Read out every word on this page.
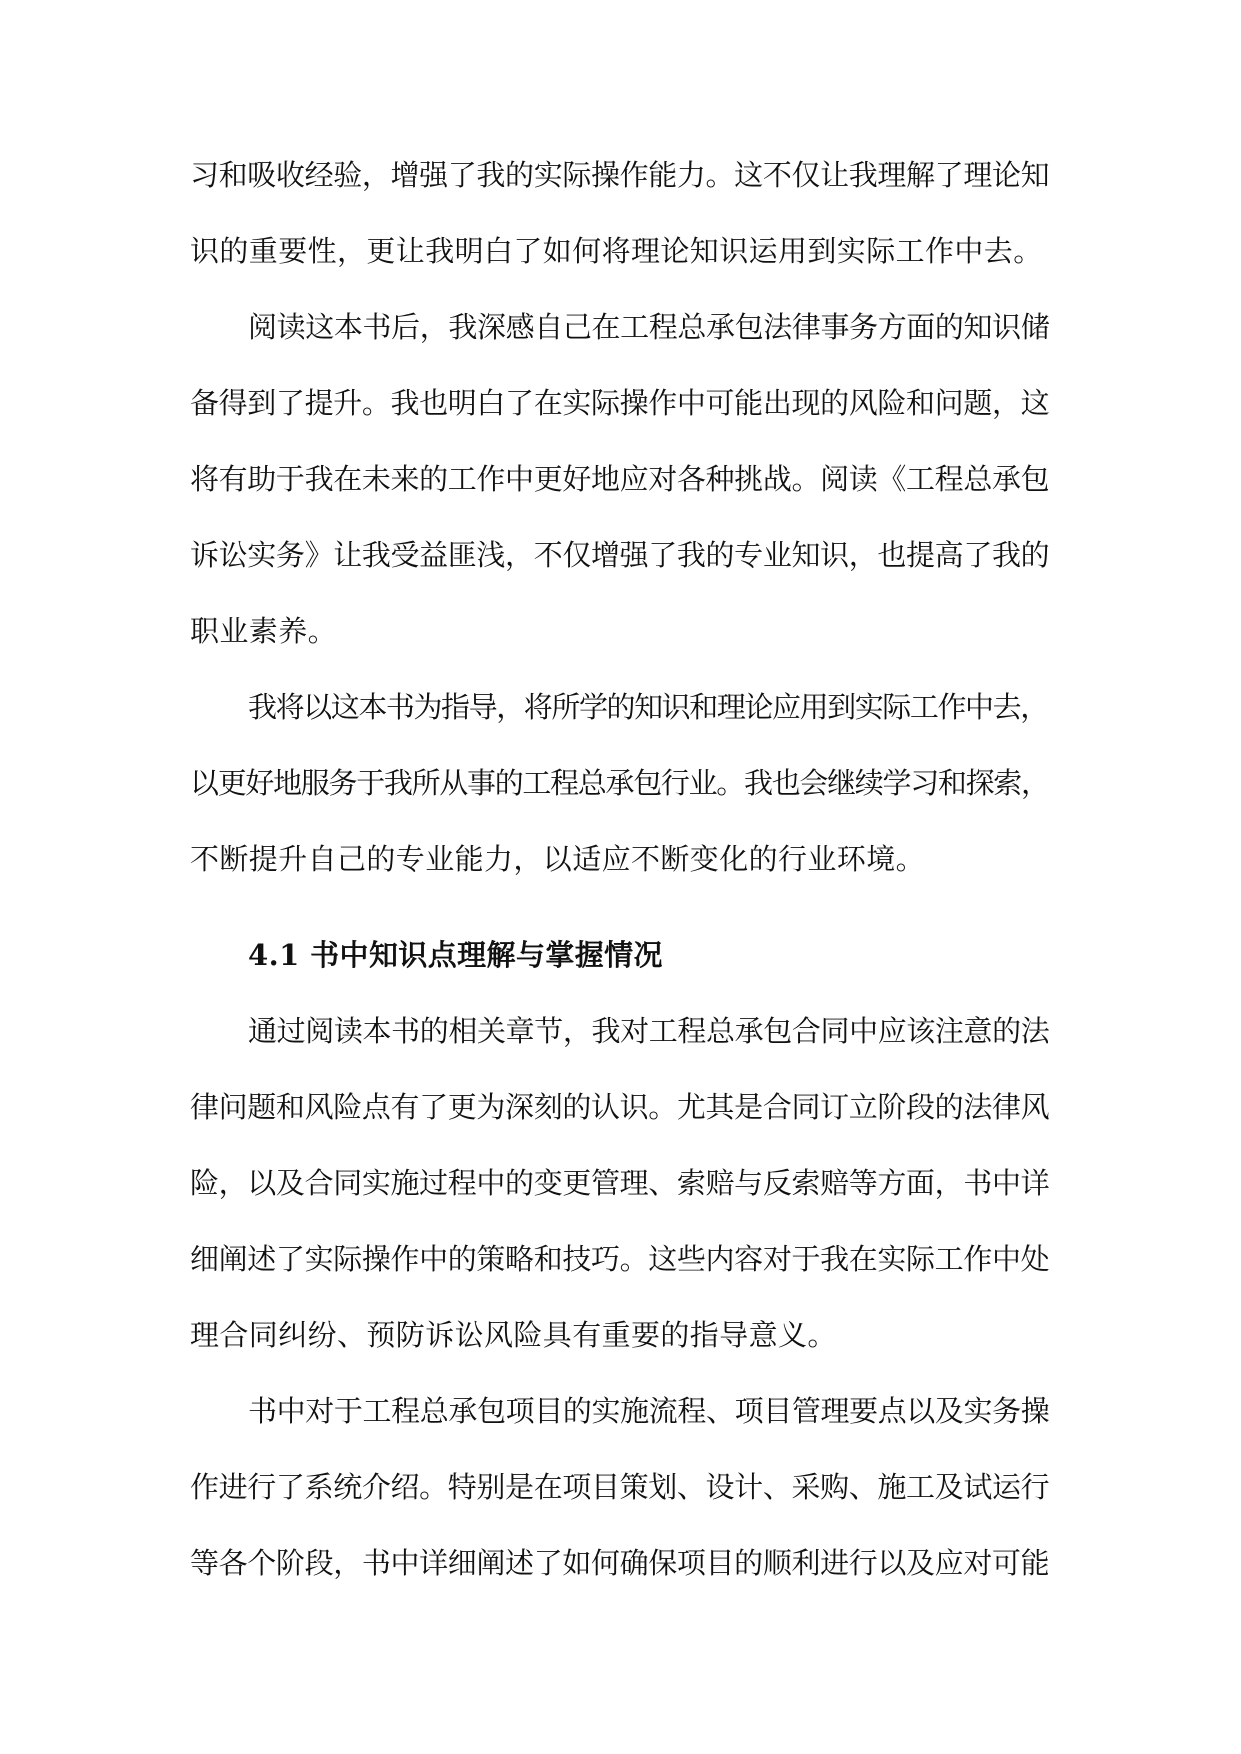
习和吸收经验，增强了我的实际操作能力。这不仅让我理解了理论知

识的重要性，更让我明白了如何将理论知识运用到实际工作中去。

阅读这本书后，我深感自己在工程总承包法律事务方面的知识储

备得到了提升。我也明白了在实际操作中可能出现的风险和问题，这

将有助于我在未来的工作中更好地应对各种挑战。阅读《工程总承包

诉讼实务》让我受益匪浅，不仅增强了我的专业知识，也提高了我的

职业素养。

我将以这本书为指导，将所学的知识和理论应用到实际工作中去，

以更好地服务于我所从事的工程总承包行业。我也会继续学习和探索，

不断提升自己的专业能力，以适应不断变化的行业环境。

4.1 书中知识点理解与掌握情况

通过阅读本书的相关章节，我对工程总承包合同中应该注意的法

律问题和风险点有了更为深刻的认识。尤其是合同订立阶段的法律风

险，以及合同实施过程中的变更管理、索赔与反索赔等方面，书中详

细阐述了实际操作中的策略和技巧。这些内容对于我在实际工作中处

理合同纠纷、预防诉讼风险具有重要的指导意义。

书中对于工程总承包项目的实施流程、项目管理要点以及实务操

作进行了系统介绍。特别是在项目策划、设计、采购、施工及试运行

等各个阶段，书中详细阐述了如何确保项目的顺利进行以及应对可能
